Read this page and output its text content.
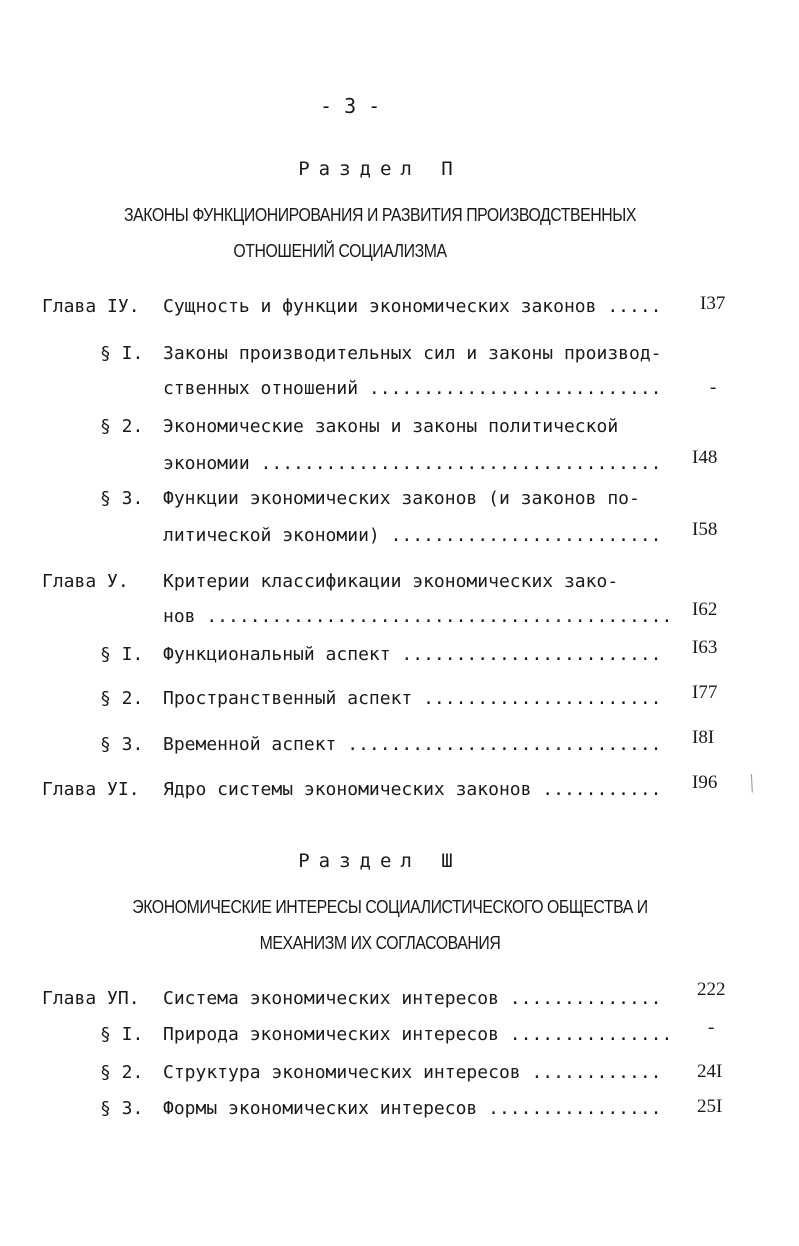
- 3 -
Раздел П
ЗАКОНЫ ФУНКЦИОНИРОВАНИЯ И РАЗВИТИЯ ПРОИЗВОДСТВЕННЫХ
ОТНОШЕНИЙ СОЦИАЛИЗМА
Глава IУ. Сущность и функции экономических законов ..... I37
§ I. Законы производительных сил и законы производ-
ственных отношений ...........................	-
§ 2. Экономические законы и законы политической
экономии ..................................... I48
§ 3. Функции экономических законов (и законов по-
литической экономии) ......................... I58
Глава У. Критерии классификации экономических зако-
нов ........................................... I62
§ I. Функциональный аспект ........................ I63
§ 2. Пространственный аспект ...................... I77
§ 3. Временной аспект ............................. I8I
Глава УI. Ядро системы экономических законов ........... I96
Раздел Ш
ЭКОНОМИЧЕСКИЕ ИНТЕРЕСЫ СОЦИАЛИСТИЧЕСКОГО ОБЩЕСТВА И
МЕХАНИЗМ ИХ СОГЛАСОВАНИЯ
Глава УП. Система экономических интересов .............. 222
§ I. Природа экономических интересов ............... -
§ 2. Структура экономических интересов ............ 24I
§ 3. Формы экономических интересов ................ 25I
╱
